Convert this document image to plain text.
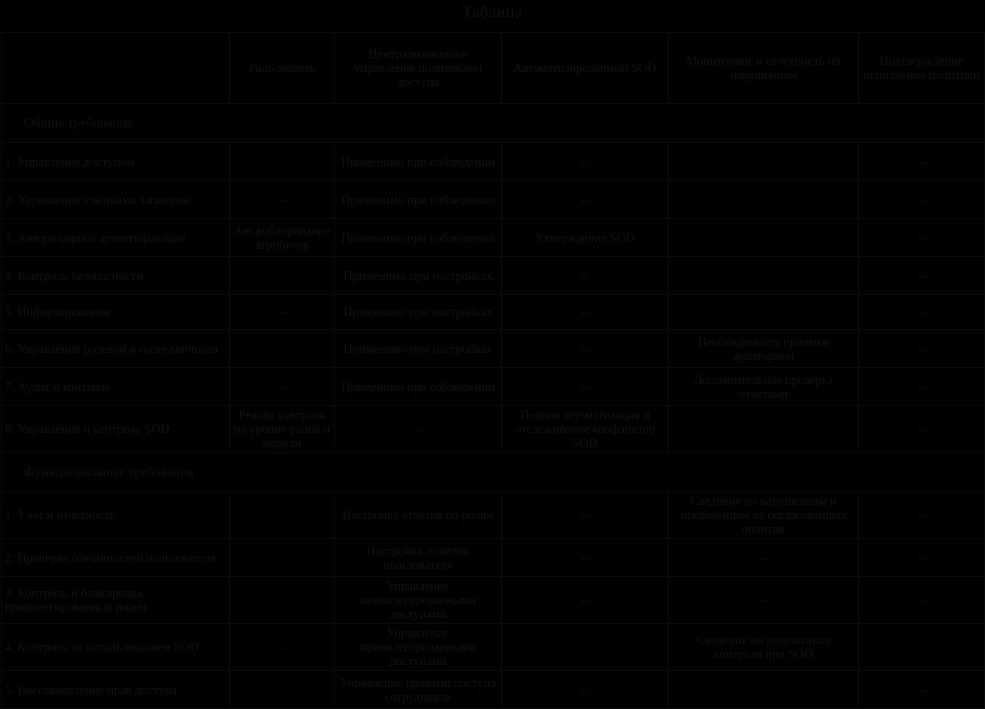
Таблица
	Роль-модель	Централизованное управление политиками доступа	Автоматизированный SOD	Мониторинг и отчетность по нарушениям	Подтверждение исполнения политики
Общие требования					
1. Управление доступом		Применимо при соблюдении	--		--
2. Управление учётными записями	--	Применимо при соблюдении	--		--
3. Авторизация и аутентификация	Ансамблирование атрибутов	Применимо при соблюдении	Утверждение SOD		--
4. Контроль безопасности		Применимо при настройках	--		--
5. Информирование	--	Применимо при настройках	--		--
6. Управление ролевой и полномочиями		Применимо при настройках	--	Необходимость приемки аудиторами	--
7. Аудит и контроль	--	Применимо при соблюдении	--	Дополнительная проверка отчетами	--
8. Управление и контроль SOD	Режим контроля на уровне ролей и модели	--	Полная автоматизация и отслеживание конфликтов SOD		--
Функциональные требования					
1. Учёт и отчетность		Настройка отчетов по ролям	--	Сведение по нарушениям и отклонениям от согласованных политик	--
2. Проверка обязанностей пользователя		Настройка политик пользователя	--	--	--
3. Контроль и блокировка привилегированных ролей		Управление привилегированными доступами	--	--	--
4. Контроль за использованием SOD	--	Управление привилегированными доступами	--	Сведения по результатам контроля при SOD	--
5. Восстановление прав доступа		Управление правами доступа сотрудников	--		--
